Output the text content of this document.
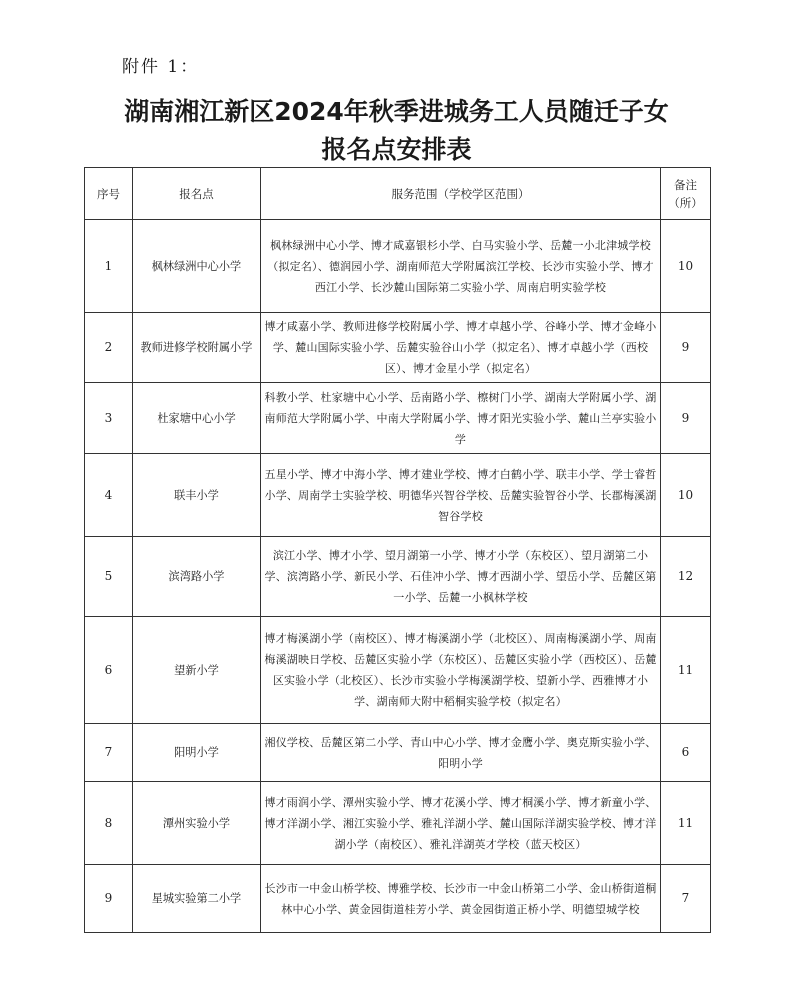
附件 1：
湖南湘江新区2024年秋季进城务工人员随迁子女
报名点安排表
序号	报名点	服务范围（学校学区范围）	备注（所）
1	枫林绿洲中心小学	枫林绿洲中心小学、博才咸嘉银杉小学、白马实验小学、岳麓一小北津城学校（拟定名）、德润园小学、湖南师范大学附属滨江学校、长沙市实验小学、博才西江小学、长沙麓山国际第二实验小学、周南启明实验学校	10
2	教师进修学校附属小学	博才咸嘉小学、教师进修学校附属小学、博才卓越小学、谷峰小学、博才金峰小学、麓山国际实验小学、岳麓实验谷山小学（拟定名）、博才卓越小学（西校区）、博才金星小学（拟定名）	9
3	杜家塘中心小学	科教小学、杜家塘中心小学、岳南路小学、檫树门小学、湖南大学附属小学、湖南师范大学附属小学、中南大学附属小学、博才阳光实验小学、麓山兰亭实验小学	9
4	联丰小学	五星小学、博才中海小学、博才建业学校、博才白鹤小学、联丰小学、学士睿哲小学、周南学士实验学校、明德华兴智谷学校、岳麓实验智谷小学、长郡梅溪湖智谷学校	10
5	滨湾路小学	滨江小学、博才小学、望月湖第一小学、博才小学（东校区）、望月湖第二小学、滨湾路小学、新民小学、石佳冲小学、博才西湖小学、望岳小学、岳麓区第一小学、岳麓一小枫林学校	12
6	望新小学	博才梅溪湖小学（南校区）、博才梅溪湖小学（北校区）、周南梅溪湖小学、周南梅溪湖映日学校、岳麓区实验小学（东校区）、岳麓区实验小学（西校区）、岳麓区实验小学（北校区）、长沙市实验小学梅溪湖学校、望新小学、西雅博才小学、湖南师大附中稻桐实验学校（拟定名）	11
7	阳明小学	湘仪学校、岳麓区第二小学、青山中心小学、博才金鹰小学、奥克斯实验小学、阳明小学	6
8	潭州实验小学	博才雨润小学、潭州实验小学、博才花溪小学、博才桐溪小学、博才新童小学、博才洋湖小学、湘江实验小学、雅礼洋湖小学、麓山国际洋湖实验学校、博才洋湖小学（南校区）、雅礼洋湖英才学校（蓝天校区）	11
9	星城实验第二小学	长沙市一中金山桥学校、博雅学校、长沙市一中金山桥第二小学、金山桥街道桐林中心小学、黄金园街道桂芳小学、黄金园街道正桥小学、明德望城学校	7
